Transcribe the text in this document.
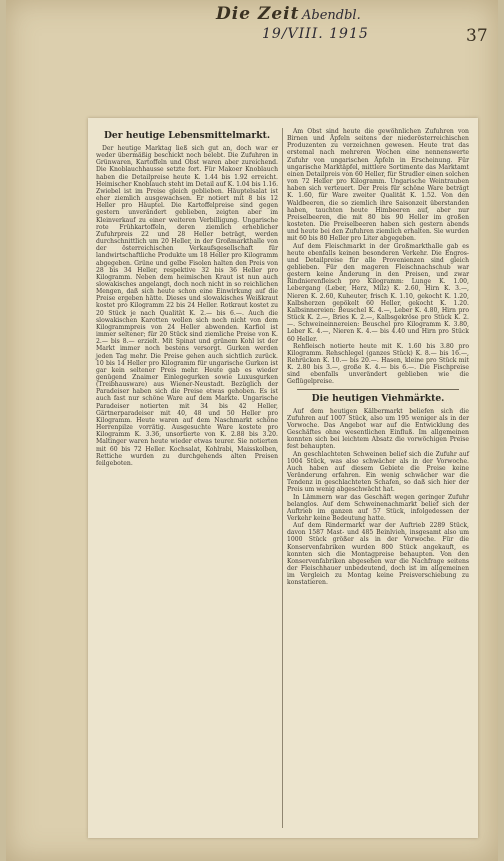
Die Zeit Abendbl.
19/VIII. 1915	37
Der heutige Lebensmittelmarkt.

Der heutige Marktag ließ sich gut an, doch war er weder übermäßig beschickt noch belebt. Die Zufuhren in Grünwaren, Kartoffeln und Obst waren aber zureichend. Die Knoblauchhausse setzte fort. Für Makoer Knoblauch haben die Detailpreise heute K. 1.44 bis 1.92 erreicht. Heimischer Knoblauch steht im Detail auf K. 1.04 bis 1.16. Zwiebel ist im Preise gleich geblieben. Häuptelsalat ist eher ziemlich ausgewachsen. Er notiert mit 8 bis 12 Heller pro Häuptel. Die Kartoffelpreise sind gegen gestern unverändert geblieben, zeigten aber im Kleinverkauf zu einer weiteren Verbilligung. Ungarische rote Frühkartoffeln, deren ziemlich erheblicher Zufuhrpreis 22 und 28 Heller beträgt, werden durchschnittlich um 20 Heller, in der Großmarkthalle von der österreichischen Verkaufsgesellschaft für landwirtschaftliche Produkte um 18 Heller pro Kilogramm abgegeben. Grüne und gelbe Fisolen halten den Preis von 28 bis 34 Heller, respektive 32 bis 36 Heller pro Kilogramm. Neben dem heimischen Kraut ist nun auch slowakisches angelangt, doch noch nicht in so reichlichen Mengen, daß sich heute schon eine Einwirkung auf die Preise ergeben hätte. Dieses und slowakisches Weißkraut kostet pro Kilogramm 22 bis 24 Heller. Rotkraut kostet zu 20 Stück je nach Qualität K. 2.— bis 6.—. Auch die slowakischen Karotten wollen sich noch nicht von dem Kilogrammpreis von 24 Heller abwenden. Karfiol ist immer seltener; für 20 Stück sind ziemliche Preise von K. 2.— bis 8.— erzielt. Mit Spinat und grünem Kohl ist der Markt immer noch bestens versorgt. Gurken werden jeden Tag mehr. Die Preise gehen auch sichtlich zurück. 10 bis 14 Heller pro Kilogramm für ungarische Gurken ist gar kein seltener Preis mehr. Heute gab es wieder genügend Znaimer Einlegegurken sowie Luxusgurken (Treibhausware) aus Wiener-Neustadt. Bezüglich der Paradeiser haben sich die Preise etwas gehoben. Es ist auch fast nur schöne Ware auf dem Markte. Ungarische Paradeiser notierten mit 34 bis 42 Heller, Gärtnerparadeiser mit 40, 48 und 50 Heller pro Kilogramm. Heute waren auf dem Naschmarkt schöne Herrenpilze vorrätig. Ausgesuchte Ware kostete pro Kilogramm K. 3.36, unsortierte von K. 2.88 bis 3.20. Maltinger waren heute wieder etwas teurer. Sie notierten mit 60 bis 72 Heller. Kochsalat, Kohlrabi, Maisskolben, Rettiche wurden zu durchgehends alten Preisen feilgeboten.

Am Obst sind heute die gewöhnlichen Zufuhren von Birnen und Äpfeln seitens der niederösterreichischen Produzenten zu verzeichnen gewesen. Heute trat das erstemal nach mehreren Wochen eine nennenswerte Zufuhr von ungarischen Äpfeln in Erscheinung. Für ungarische Marktäpfel, mittlere Sortimente das Marktamt einen Detailpreis von 60 Heller, für Strudler einen solchen von 72 Heller pro Kilogramm. Ungarische Weintrauben haben sich verteuert. Der Preis für schöne Ware beträgt K. 1.60, für Ware zweiter Qualität K. 1.52. Von den Waldbeeren, die so ziemlich ihre Saisonzeit überstanden haben, tauchten heute Himbeeren auf, aber nur Preiselbeeren, die mit 80 bis 90 Heller im großen kosteten. Die Preiselbeeren haben sich gestern abends und heute bei den Zufuhren ziemlich erhalten. Sie wurden mit 60 bis 80 Heller pro Liter abgegeben.

Auf dem Fleischmarkt in der Großmarkthalle gab es heute ebenfalls keinen besonderen Verkehr. Die Engros- und Detailpreise für alle Provenienzen sind gleich geblieben. Für den mageren Fleischnachschub war gestern keine Änderung in den Preisen, und zwar Rindnierenfleisch pro Kilogramm: Lunge K. 1.00, Lebergang (Leber, Herz, Milz) K. 2.60, Hirn K. 3.—, Nieren K. 2.60, Kuheuter, frisch K. 1.10, gekocht K. 1.20, Kalbsherzen gepökelt 60 Heller, gekocht K. 1.20. Kalbsinnereien: Beuschel K. 4.—, Leber K. 4.80, Hirn pro Stück K. 2.—, Bries K. 2.—, Kalbsgekröse pro Stück K. 2.—. Schweineinnereien: Beuschel pro Kilogramm K. 3.80, Leber K. 4.—, Nieren K. 4.— bis 4.40 und Hirn pro Stück 60 Heller.

Rehfleisch notierte heute mit K. 1.60 bis 3.80 pro Kilogramm. Rehschlegel (ganzes Stück) K. 8.— bis 16.—, Rehrücken K. 10.— bis 20.—. Hasen, kleine pro Stück mit K. 2.80 bis 3.—, große K. 4.— bis 6.—. Die Fischpreise sind ebenfalls unverändert geblieben wie die Geflügelpreise.

Die heutigen Viehmärkte.

Auf dem heutigen Kälbermarkt beliefen sich die Zufuhren auf 1007 Stück, also um 195 weniger als in der Vorwoche. Das Angebot war auf die Entwicklung des Geschäftes ohne wesentlichen Einfluß. Im allgemeinen konnten sich bei leichtem Absatz die vorwöchigen Preise fest behaupten.

An geschlachteten Schweinen belief sich die Zufuhr auf 1004 Stück, was also schwächer als in der Vorwoche. Auch haben auf diesem Gebiete die Preise keine Veränderung erfahren. Ein wenig schwächer war die Tendenz in geschlachteten Schafen, so daß sich hier der Preis um wenig abgeschwächt hat.

In Lämmern war das Geschäft wegen geringer Zufuhr belanglos. Auf dem Schweinenachmarkt belief sich der Auftrieb im ganzen auf 57 Stück, infolgedessen der Verkehr keine Bedeutung hatte.

Auf dem Rindermarkt war der Auftrieb 2289 Stück, davon 1587 Mast- und 485 Beinlvieh, insgesamt also um 1000 Stück größer als in der Vorwoche. Für die Konservenfabriken wurden 800 Stück angekauft, es konnten sich die Montagpreise behaupten. Von den Konservenfabriken abgesehen war die Nachfrage seitens der Fleischhauer unbedeutend, doch ist im allgemeinen im Vergleich zu Montag keine Preisverschiebung zu konstatieren.
